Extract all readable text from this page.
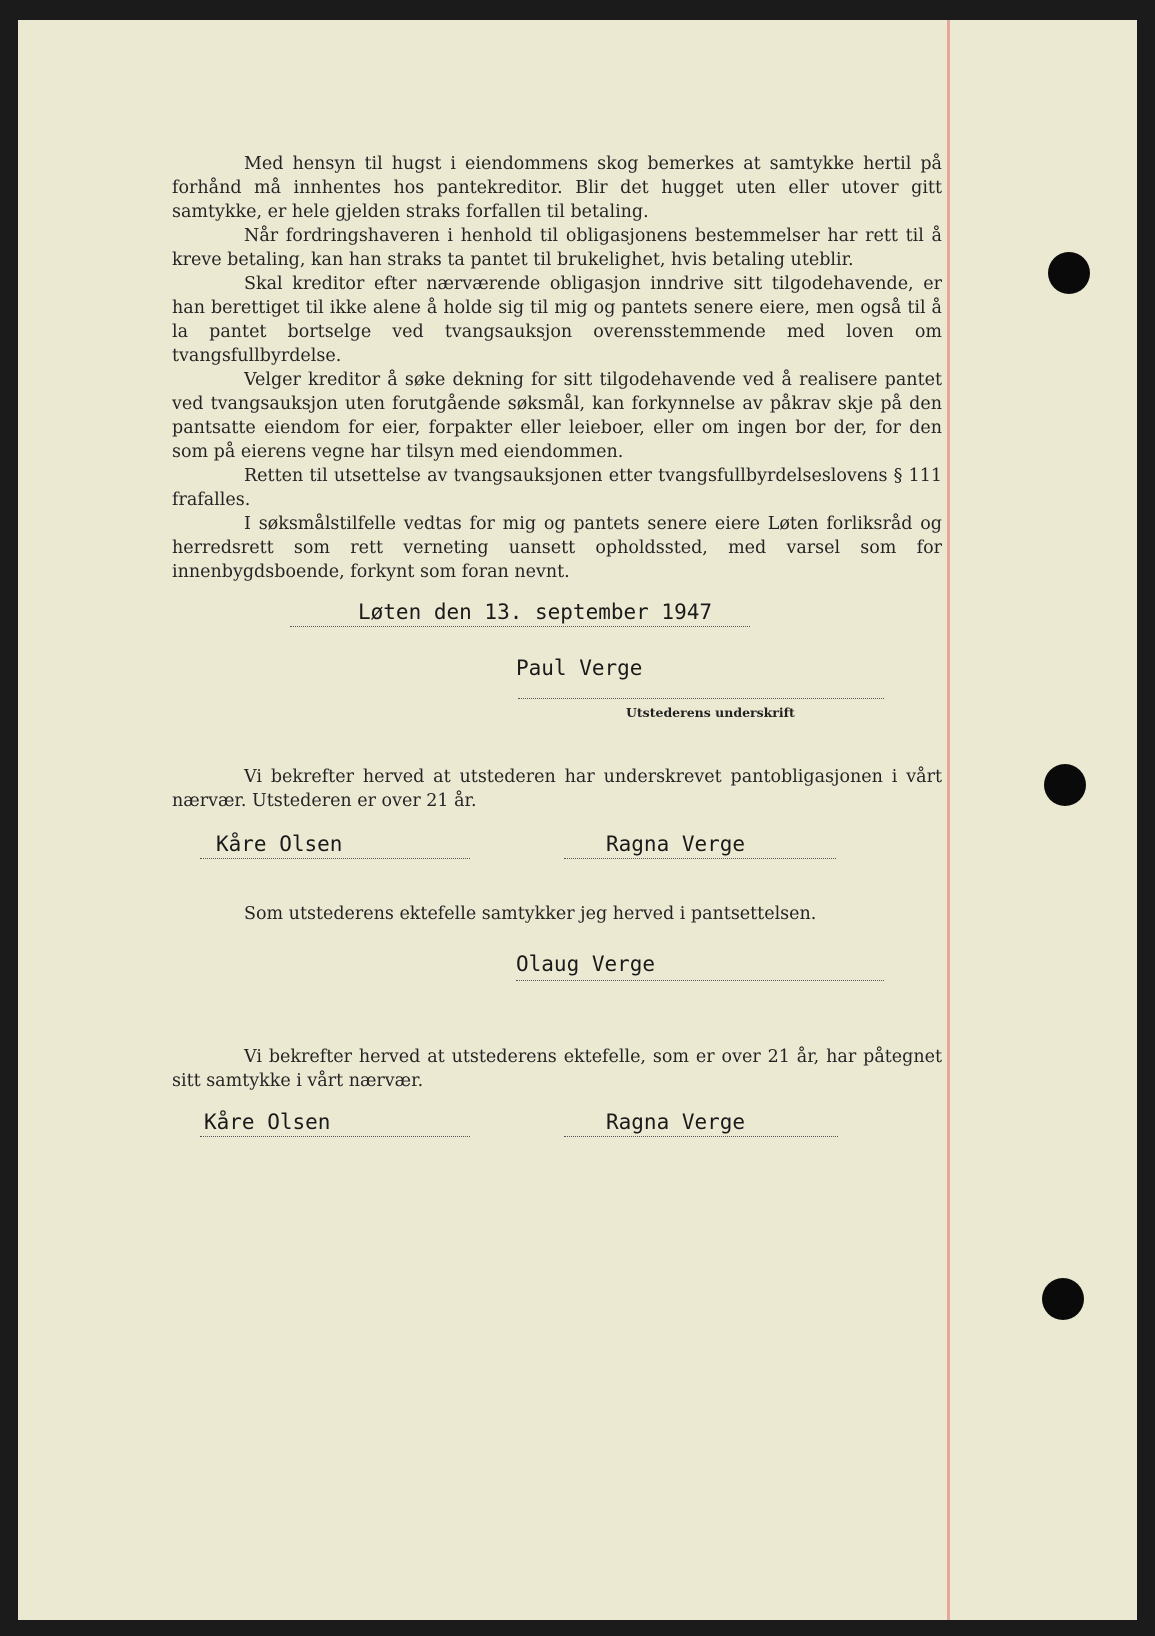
Med hensyn til hugst i eiendommens skog bemerkes at samtykke hertil på forhånd må innhentes hos pantekreditor. Blir det hugget uten eller utover gitt samtykke, er hele gjelden straks forfallen til betaling.

Når fordringshaveren i henhold til obligasjonens bestemmelser har rett til å kreve betaling, kan han straks ta pantet til brukelighet, hvis betaling uteblir.

Skal kreditor efter nærværende obligasjon inndrive sitt tilgodehavende, er han berettiget til ikke alene å holde sig til mig og pantets senere eiere, men også til å la pantet bortselge ved tvangsauksjon overensstemmende med loven om tvangsfullbyrdelse.

Velger kreditor å søke dekning for sitt tilgodehavende ved å realisere pantet ved tvangsauksjon uten forutgående søksmål, kan forkynnelse av påkrav skje på den pantsatte eiendom for eier, forpakter eller leieboer, eller om ingen bor der, for den som på eierens vegne har tilsyn med eiendommen.

Retten til utsettelse av tvangsauksjonen etter tvangsfullbyrdelseslovens § 111 frafalles.

I søksmålstilfelle vedtas for mig og pantets senere eiere Løten forliksråd og herredsrett som rett verneting uansett opholdssted, med varsel som for innenbygdsboende, forkynt som foran nevnt.

Løten den 13. september 1947
Paul Verge
Utstederens underskrift

Vi bekrefter herved at utstederen har underskrevet pantobligasjonen i vårt nærvær. Utstederen er over 21 år.

Kåre Olsen	Ragna Verge

Som utstederens ektefelle samtykker jeg herved i pantsettelsen.

Olaug Verge

Vi bekrefter herved at utstederens ektefelle, som er over 21 år, har påtegnet sitt samtykke i vårt nærvær.

Kåre Olsen	Ragna Verge
